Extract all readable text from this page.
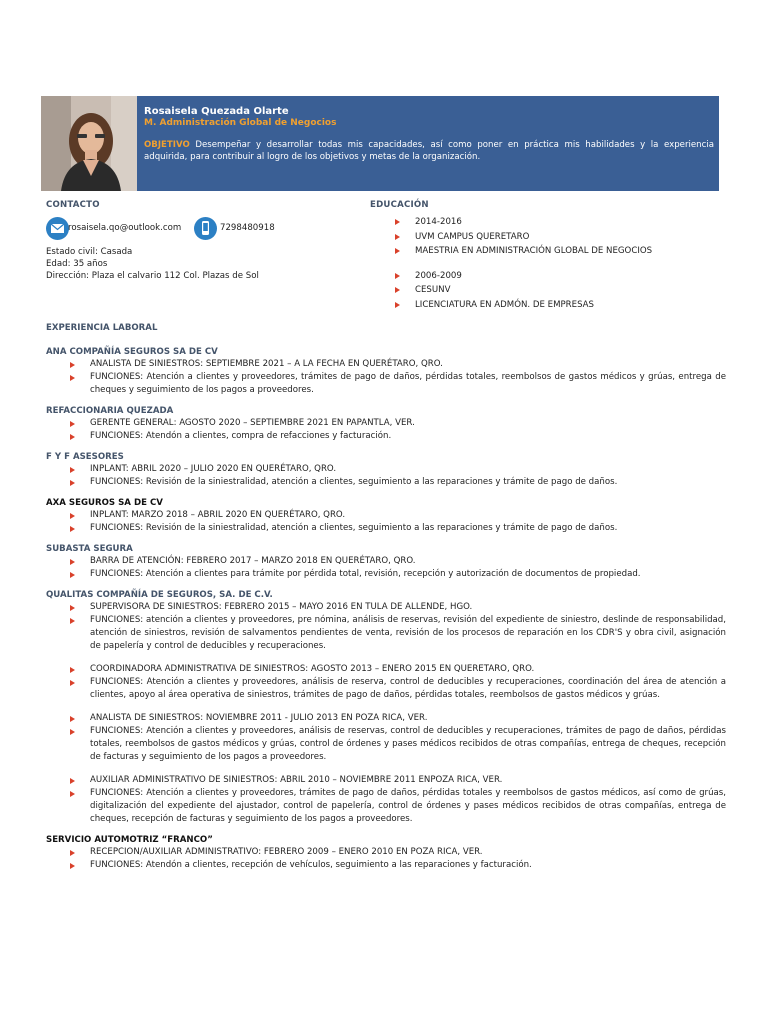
Rosaisela Quezada Olarte

M. Administración Global de Negocios

OBJETIVO Desempeñar y desarrollar todas mis capacidades, así como poner en práctica mis habilidades y la experiencia adquirida, para contribuir al logro de los objetivos y metas de la organización.

CONTACTO

rosaisela.qo@outlook.com	7298480918

Estado civil: Casada

Edad: 35 años

Dirección: Plaza el calvario 112 Col. Plazas de Sol

EDUCACIÓN

2014-2016
UVM CAMPUS QUERETARO
MAESTRIA EN ADMINISTRACIÓN GLOBAL DE NEGOCIOS
2006-2009
CESUNV
LICENCIATURA EN ADMÓN. DE EMPRESAS

EXPERIENCIA LABORAL

ANA COMPAÑÍA SEGUROS SA DE CV

ANALISTA DE SINIESTROS: SEPTIEMBRE 2021 – A LA FECHA EN QUERÉTARO, QRO.
FUNCIONES: Atención a clientes y proveedores, trámites de pago de daños, pérdidas totales, reembolsos de gastos médicos y grúas, entrega de cheques y seguimiento de los pagos a proveedores.

REFACCIONARIA QUEZADA

GERENTE GENERAL: AGOSTO 2020 – SEPTIEMBRE 2021 EN PAPANTLA, VER.
FUNCIONES: Atendón a clientes, compra de refacciones y facturación.

F Y F ASESORES

INPLANT: ABRIL 2020 – JULIO 2020 EN QUERÉTARO, QRO.
FUNCIONES: Revisión de la siniestralidad, atención a clientes, seguimiento a las reparaciones y trámite de pago de daños.

AXA SEGUROS SA DE CV

INPLANT: MARZO 2018 – ABRIL 2020 EN QUERÉTARO, QRO.
FUNCIONES: Revisión de la siniestralidad, atención a clientes, seguimiento a las reparaciones y trámite de pago de daños.

SUBASTA SEGURA

BARRA DE ATENCIÓN: FEBRERO 2017 – MARZO 2018 EN QUERÉTARO, QRO.
FUNCIONES: Atención a clientes para trámite por pérdida total, revisión, recepción y autorización de documentos de propiedad.

QUALITAS COMPAÑÍA DE SEGUROS, SA. DE C.V.

SUPERVISORA DE SINIESTROS: FEBRERO 2015 – MAYO 2016 EN TULA DE ALLENDE, HGO.
FUNCIONES: atención a clientes y proveedores, pre nómina, análisis de reservas, revisión del expediente de siniestro, deslinde de responsabilidad, atención de siniestros, revisión de salvamentos pendientes de venta, revisión de los procesos de reparación en los CDR'S y obra civil, asignación de papelería y control de deducibles y recuperaciones.
COORDINADORA ADMINISTRATIVA DE SINIESTROS: AGOSTO 2013 – ENERO 2015 EN QUERETARO, QRO.
FUNCIONES: Atención a clientes y proveedores, análisis de reserva, control de deducibles y recuperaciones, coordinación del área de atención a clientes, apoyo al área operativa de siniestros, trámites de pago de daños, pérdidas totales, reembolsos de gastos médicos y grúas.
ANALISTA DE SINIESTROS: NOVIEMBRE 2011 - JULIO 2013 EN POZA RICA, VER.
FUNCIONES: Atención a clientes y proveedores, análisis de reservas, control de deducibles y recuperaciones, trámites de pago de daños, pérdidas totales, reembolsos de gastos médicos y grúas, control de órdenes y pases médicos recibidos de otras compañías, entrega de cheques, recepción de facturas y seguimiento de los pagos a proveedores.
AUXILIAR ADMINISTRATIVO DE SINIESTROS: ABRIL 2010 – NOVIEMBRE 2011 ENPOZA RICA, VER.
FUNCIONES: Atención a clientes y proveedores, trámites de pago de daños, pérdidas totales y reembolsos de gastos médicos, así como de grúas, digitalización del expediente del ajustador, control de papelería, control de órdenes y pases médicos recibidos de otras compañías, entrega de cheques, recepción de facturas y seguimiento de los pagos a proveedores.

SERVICIO AUTOMOTRIZ “FRANCO”

RECEPCION/AUXILIAR ADMINISTRATIVO: FEBRERO 2009 – ENERO 2010 EN POZA RICA, VER.
FUNCIONES: Atendón a clientes, recepción de vehículos, seguimiento a las reparaciones y facturación.
